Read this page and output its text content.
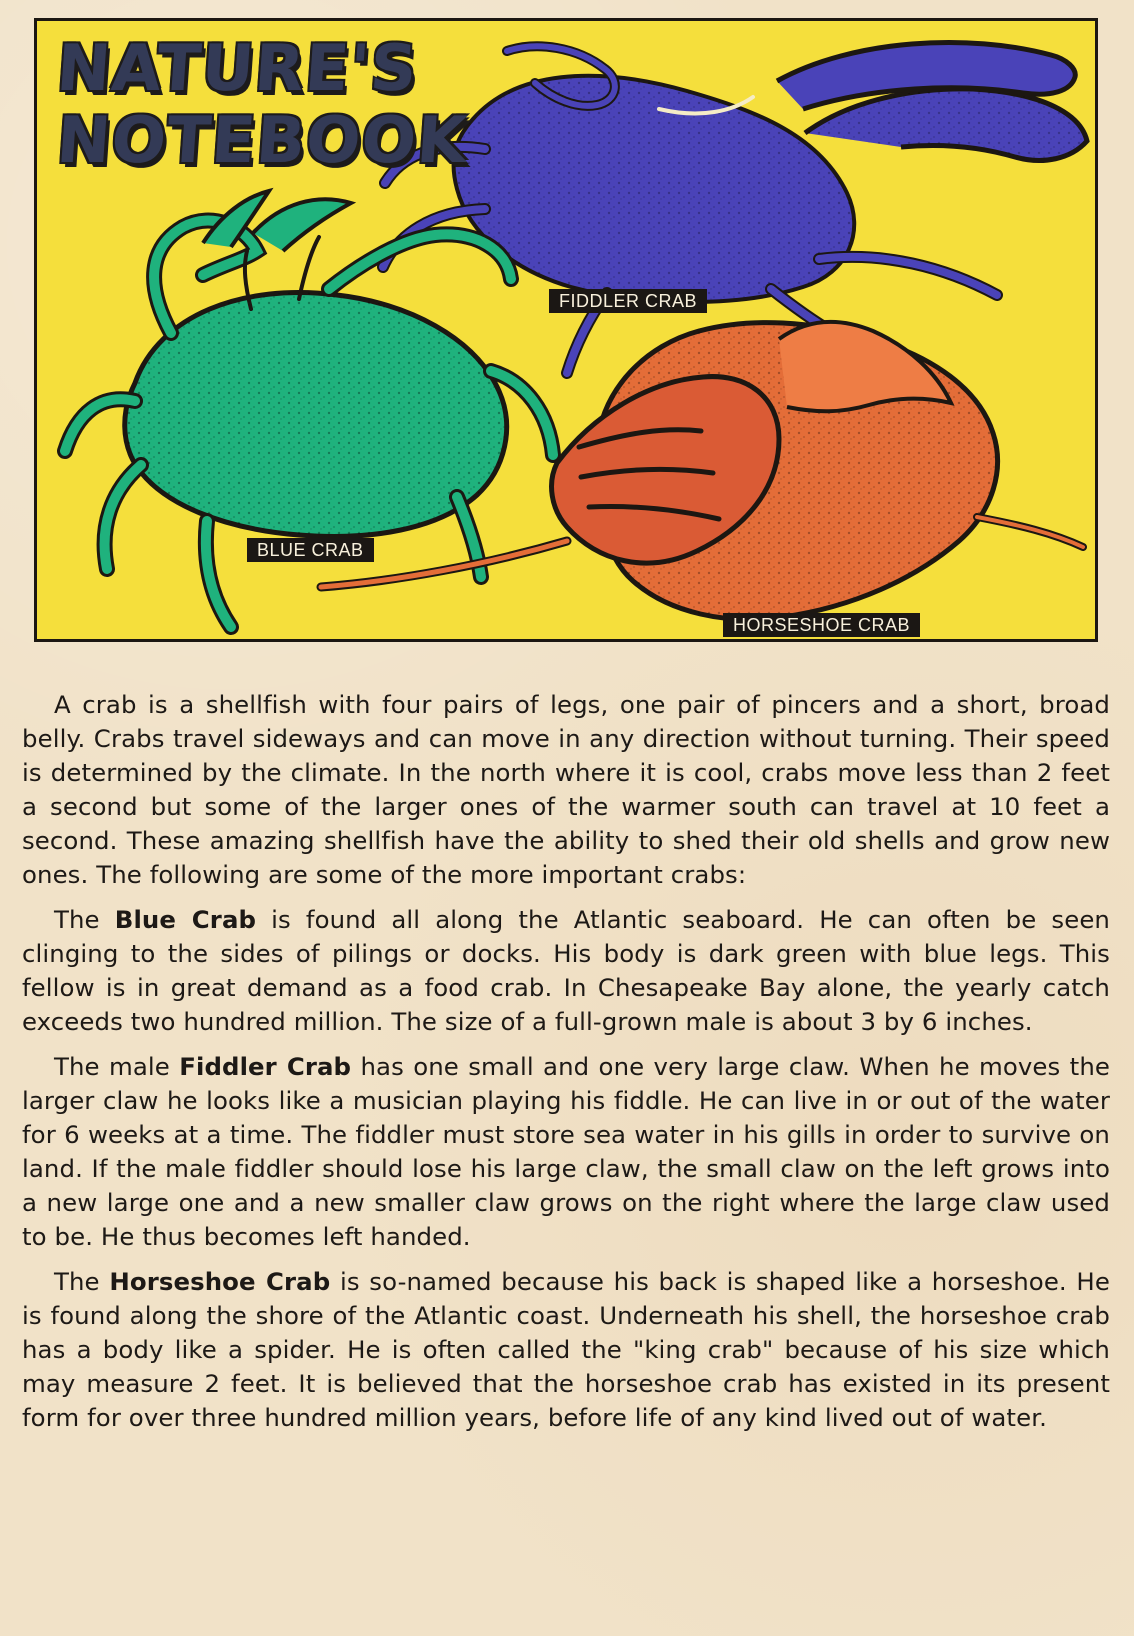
NATURE'S
NOTEBOOK
FIDDLER CRAB
BLUE CRAB
HORSESHOE CRAB

A crab is a shellfish with four pairs of legs, one pair of pincers and a short, broad belly. Crabs travel sideways and can move in any direction without turning. Their speed is determined by the climate. In the north where it is cool, crabs move less than 2 feet a second but some of the larger ones of the warmer south can travel at 10 feet a second. These amazing shellfish have the ability to shed their old shells and grow new ones. The following are some of the more important crabs:

The Blue Crab is found all along the Atlantic seaboard. He can often be seen clinging to the sides of pilings or docks. His body is dark green with blue legs. This fellow is in great demand as a food crab. In Chesapeake Bay alone, the yearly catch exceeds two hundred million. The size of a full-grown male is about 3 by 6 inches.

The male Fiddler Crab has one small and one very large claw. When he moves the larger claw he looks like a musician playing his fiddle. He can live in or out of the water for 6 weeks at a time. The fiddler must store sea water in his gills in order to survive on land. If the male fiddler should lose his large claw, the small claw on the left grows into a new large one and a new smaller claw grows on the right where the large claw used to be. He thus becomes left handed.

The Horseshoe Crab is so-named because his back is shaped like a horseshoe. He is found along the shore of the Atlantic coast. Underneath his shell, the horseshoe crab has a body like a spider. He is often called the "king crab" because of his size which may measure 2 feet. It is believed that the horseshoe crab has existed in its present form for over three hundred million years, before life of any kind lived out of water.
